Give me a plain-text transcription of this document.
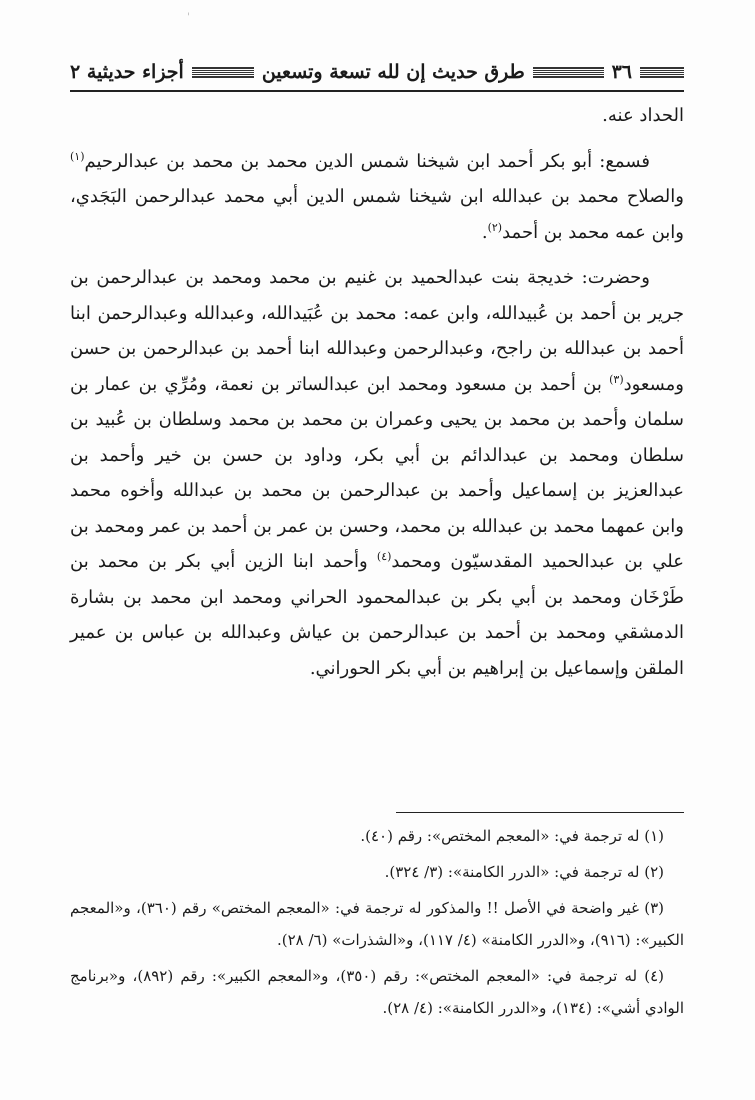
'
٣٦
طرق حديث إن لله تسعة وتسعين
أجزاء حديثية ٢

الحداد عنه.

فسمع: أبو بكر أحمد ابن شيخنا شمس الدين محمد بن محمد بن عبدالرحيم$^{(١)}$ والصلاح محمد بن عبدالله ابن شيخنا شمس الدين أبي محمد عبدالرحمن البَجَدي، وابن عمه محمد بن أحمد$^{(٢)}$.

وحضرت: خديجة بنت عبدالحميد بن غنيم بن محمد ومحمد بن عبدالرحمن بن جرير بن أحمد بن عُبيدالله، وابن عمه: محمد بن عُبَيدالله، وعبدالله وعبدالرحمن ابنا أحمد بن عبدالله بن راجح، وعبدالرحمن وعبدالله ابنا أحمد بن عبدالرحمن بن حسن ومسعود$^{(٣)}$ بن أحمد بن مسعود ومحمد ابن عبدالساتر بن نعمة، ومُرِّي بن عمار بن سلمان وأحمد بن محمد بن يحيى وعمران بن محمد بن محمد وسلطان بن عُبيد بن سلطان ومحمد بن عبدالدائم بن أبي بكر، وداود بن حسن بن خير وأحمد بن عبدالعزيز بن إسماعيل وأحمد بن عبدالرحمن بن محمد بن عبدالله وأخوه محمد وابن عمهما محمد بن عبدالله بن محمد، وحسن بن عمر بن أحمد بن عمر ومحمد بن علي بن عبدالحميد المقدسيّون ومحمد$^{(٤)}$ وأحمد ابنا الزين أبي بكر بن محمد بن طَرْخَان ومحمد بن أبي بكر بن عبدالمحمود الحراني ومحمد ابن محمد بن بشارة الدمشقي ومحمد بن أحمد بن عبدالرحمن بن عياش وعبدالله بن عباس بن عمير الملقن وإسماعيل بن إبراهيم بن أبي بكر الحوراني.

(١) له ترجمة في: «المعجم المختص»: رقم (٤٠).

(٢) له ترجمة في: «الدرر الكامنة»: (٣/ ٣٢٤).

(٣) غير واضحة في الأصل !! والمذكور له ترجمة في: «المعجم المختص» رقم (٣٦٠)، و«المعجم الكبير»: (٩١٦)، و«الدرر الكامنة» (٤/ ١١٧)، و«الشذرات» (٦/ ٢٨).

(٤) له ترجمة في: «المعجم المختص»: رقم (٣٥٠)، و«المعجم الكبير»: رقم (٨٩٢)، و«برنامج الوادي أشي»: (١٣٤)، و«الدرر الكامنة»: (٤/ ٢٨).
